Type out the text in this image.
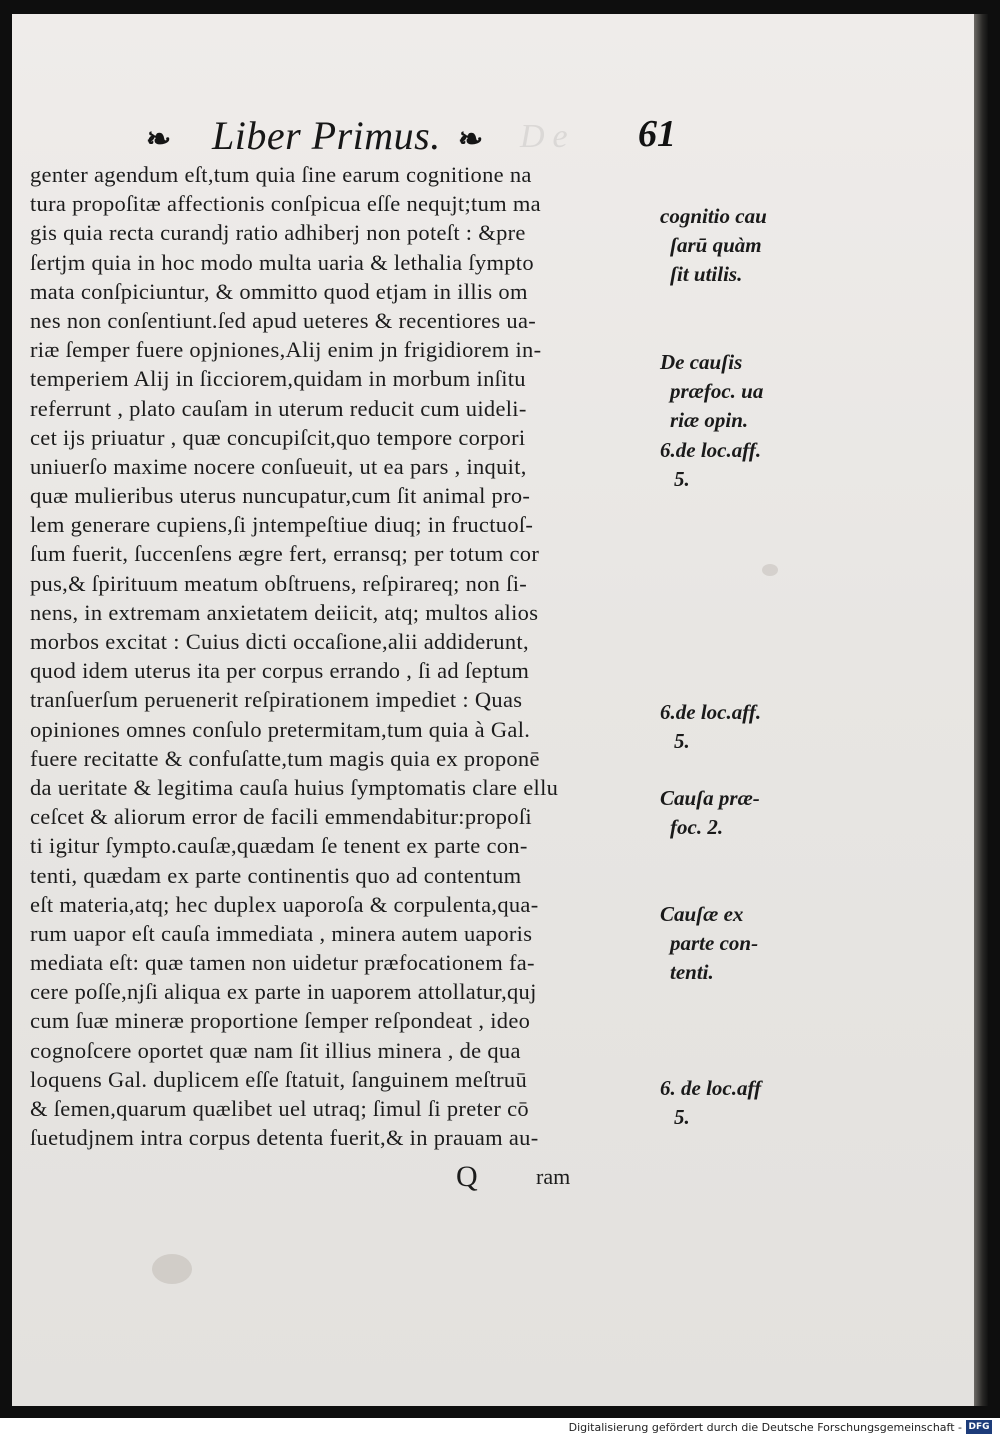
❧ Liber Primus. ❧ De 61
genter agendum eſt,tum quia ſine earum cognitione na
tura propoſitæ affectionis conſpicua eſſe nequjt;tum ma
gis quia recta curandj ratio adhiberj non poteſt : &pre
ſertjm quia in hoc modo multa uaria & lethalia ſympto
mata conſpiciuntur, & ommitto quod etjam in illis om
nes non conſentiunt.ſed apud ueteres & recentiores ua-
riæ ſemper fuere opjniones,Alij enim jn frigidiorem in-
temperiem Alij in ſicciorem,quidam in morbum inſitu
referrunt , plato cauſam in uterum reducit cum uideli-
cet ijs priuatur , quæ concupiſcit,quo tempore corpori
uniuerſo maxime nocere conſueuit, ut ea pars , inquit,
quæ mulieribus uterus nuncupatur,cum ſit animal pro-
lem generare cupiens,ſi jntempeſtiue diuq; in fructuoſ-
ſum fuerit, ſuccenſens ægre fert, erransq; per totum cor
pus,& ſpirituum meatum obſtruens, reſpirareq; non ſi-
nens, in extremam anxietatem deiicit, atq; multos alios
morbos excitat : Cuius dicti occaſione,alii addiderunt,
quod idem uterus ita per corpus errando , ſi ad ſeptum
tranſuerſum peruenerit reſpirationem impediet : Quas
opiniones omnes conſulo pretermitam,tum quia à Gal.
fuere recitatte & confuſatte,tum magis quia ex proponē
da ueritate & legitima cauſa huius ſymptomatis clare ellu
ceſcet & aliorum error de facili emmendabitur:propoſi
ti igitur ſympto.cauſæ,quædam ſe tenent ex parte con-
tenti, quædam ex parte continentis quo ad contentum
eſt materia,atq; hec duplex uaporoſa & corpulenta,qua-
rum uapor eſt cauſa immediata , minera autem uaporis
mediata eſt: quæ tamen non uidetur præfocationem fa-
cere poſſe,njſi aliqua ex parte in uaporem attollatur,quj
cum ſuæ mineræ proportione ſemper reſpondeat , ideo
cognoſcere oportet quæ nam ſit illius minera , de qua
loquens Gal. duplicem eſſe ſtatuit, ſanguinem meſtruū
& ſemen,quarum quælibet uel utraq; ſimul ſi preter cō
ſuetudjnem intra corpus detenta fuerit,& in prauam au-
Q	ram
cognitio cau
ſarū quàm
ſit utilis.
De cauſis
præfoc. ua
riæ opin.
6.de loc.aff.
5.
6.de loc.aff.
5.
Cauſa præ-
foc. 2.
Cauſæ ex
parte con-
tenti.
6. de loc.aff
5.
Digitalisierung gefördert durch die Deutsche Forschungsgemeinschaft - DFG
